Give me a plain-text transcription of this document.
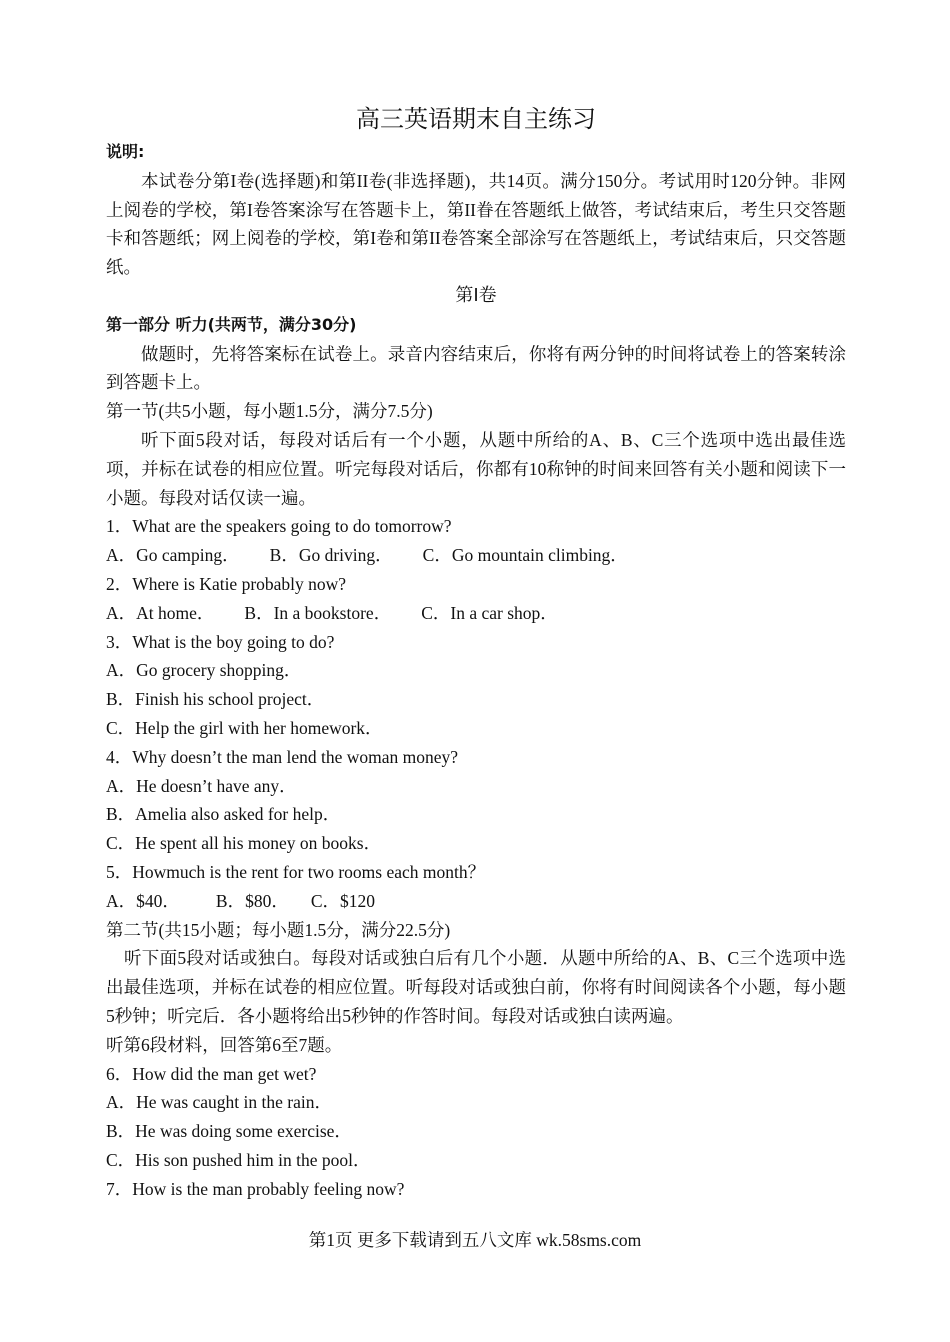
高三英语期末自主练习

说明:

本试卷分第I卷(选择题)和第II卷(非选择题)，共14页。满分150分。考试用时120分钟。非网上阅卷的学校，第I卷答案涂写在答题卡上，第II眷在答题纸上做答，考试结束后，考生只交答题卡和答题纸；网上阅卷的学校，第I卷和第II卷答案全部涂写在答题纸上，考试结束后，只交答题纸。

第Ⅰ卷

第一部分 听力(共两节，满分30分)

做题时，先将答案标在试卷上。录音内容结束后，你将有两分钟的时间将试卷上的答案转涂到答题卡上。

第一节(共5小题，每小题1.5分，满分7.5分)

听下面5段对话，每段对话后有一个小题，从题中所给的A、B、C三个选项中选出最佳选项，并标在试卷的相应位置。听完每段对话后，你都有10称钟的时间来回答有关小题和阅读下一小题。每段对话仅读一遍。

1．What are the speakers going to do tomorrow?

A．Go camping． B．Go driving． C．Go mountain climbing．

2．Where is Katie probably now?

A．At home． B．In a bookstore． C．In a car shop．

3．What is the boy going to do?

A．Go grocery shopping．

B．Finish his school project．

C．Help the girl with her homework．

4．Why doesn’t the man lend the woman money?

A．He doesn’t have any．

B．Amelia also asked for help．

C．He spent all his money on books．

5．Howmuch is the rent for two rooms each month？

A．$40． B．$80． C．$120

第二节(共15小题；每小题1.5分，满分22.5分)

听下面5段对话或独白。每段对话或独白后有几个小题．从题中所给的A、B、C三个选项中选出最佳选项，并标在试卷的相应位置。听每段对话或独白前，你将有时间阅读各个小题，每小题5秒钟；听完后．各小题将给出5秒钟的作答时间。每段对话或独白读两遍。

听第6段材料，回答第6至7题。

6．How did the man get wet?

A．He was caught in the rain．

B．He was doing some exercise．

C．His son pushed him in the pool．

7．How is the man probably feeling now?

第1页 更多下载请到五八文库 wk.58sms.com
